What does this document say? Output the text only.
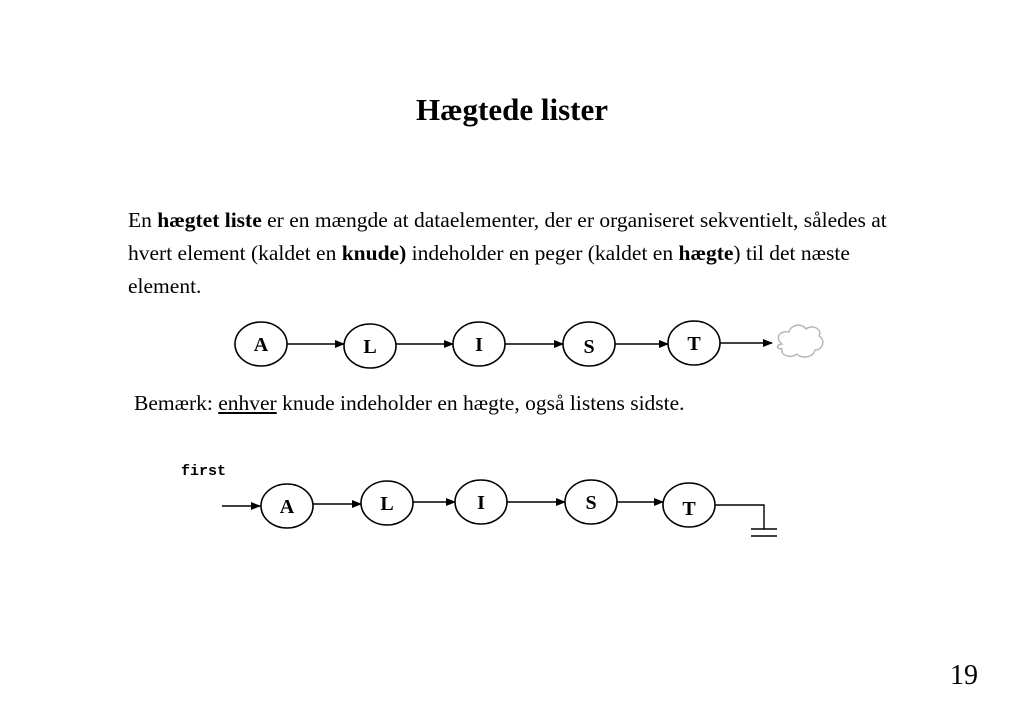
Hægtede lister
En hægtet liste er en mængde at dataelementer, der er organiseret sekventielt, således at hvert element (kaldet en knude) indeholder en peger (kaldet en hægte) til det næste element.
A	L	I	S	T
first
A	L	I	S	T
Bemærk: enhver knude indeholder en hægte, også listens sidste.
19
